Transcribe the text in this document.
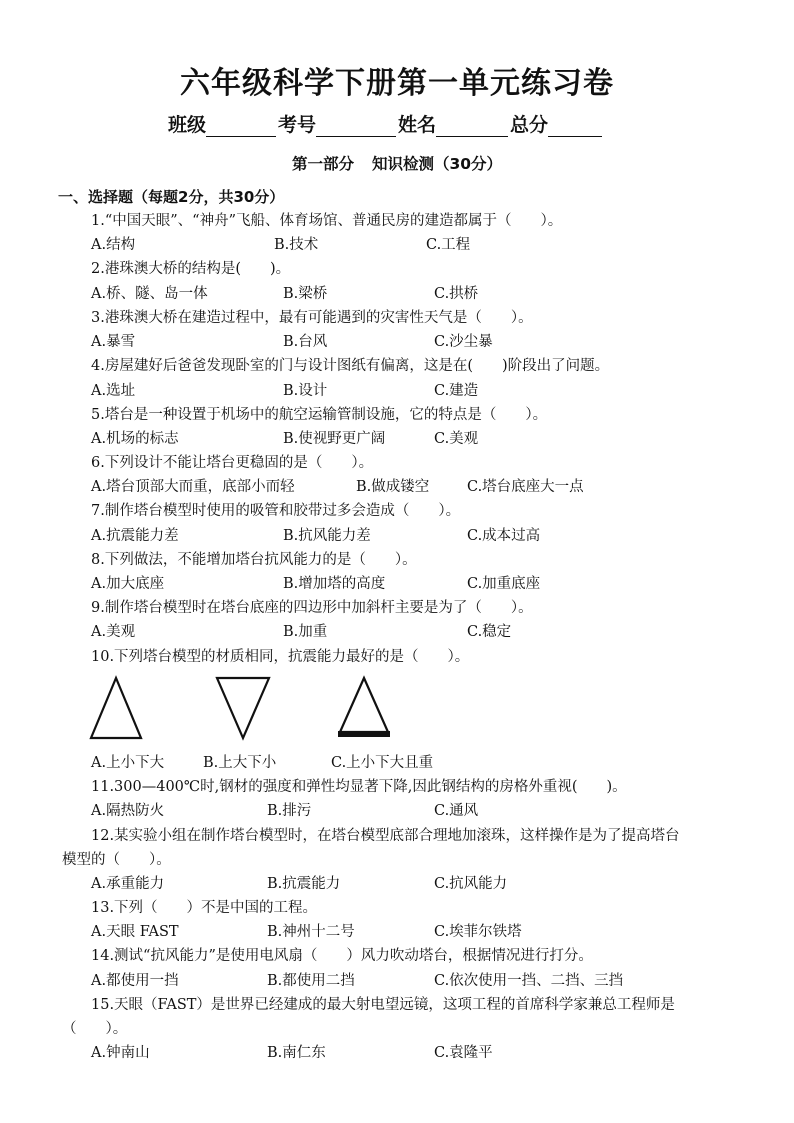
六年级科学下册第一单元练习卷
班级	考号	姓名	总分
第一部分 知识检测（30分）
一、选择题（每题2分，共30分）
1.“中国天眼”、“神舟”飞船、体育场馆、普通民房的建造都属于（　　）。
A.结构	B.技术	C.工程
2.港珠澳大桥的结构是(　　)。
A.桥、隧、岛一体	B.梁桥	C.拱桥
3.港珠澳大桥在建造过程中，最有可能遇到的灾害性天气是（　　）。
A.暴雪	B.台风	C.沙尘暴
4.房屋建好后爸爸发现卧室的门与设计图纸有偏离，这是在(　　)阶段出了问题。
A.选址	B.设计	C.建造
5.塔台是一种设置于机场中的航空运输管制设施，它的特点是（　　）。
A.机场的标志	B.使视野更广阔	C.美观
6.下列设计不能让塔台更稳固的是（　　）。
A.塔台顶部大而重，底部小而轻	B.做成镂空	C.塔台底座大一点
7.制作塔台模型时使用的吸管和胶带过多会造成（　　）。
A.抗震能力差	B.抗风能力差	C.成本过高
8.下列做法，不能增加塔台抗风能力的是（　　）。
A.加大底座	B.增加塔的高度	C.加重底座
9.制作塔台模型时在塔台底座的四边形中加斜杆主要是为了（　　）。
A.美观	B.加重	C.稳定
10.下列塔台模型的材质相同，抗震能力最好的是（　　）。
A.上小下大	B.上大下小	C.上小下大且重
11.300—400℃时,钢材的强度和弹性均显著下降,因此钢结构的房格外重视(　　)。
A.隔热防火	B.排污	C.通风
12.某实验小组在制作塔台模型时，在塔台模型底部合理地加滚珠，这样操作是为了提高塔台
模型的（　　）。
A.承重能力	B.抗震能力	C.抗风能力
13.下列（　　）不是中国的工程。
A.天眼 FAST	B.神州十二号	C.埃菲尔铁塔
14.测试“抗风能力”是使用电风扇（　　）风力吹动塔台，根据情况进行打分。
A.都使用一挡	B.都使用二挡	C.依次使用一挡、二挡、三挡
15.天眼（FAST）是世界已经建成的最大射电望远镜，这项工程的首席科学家兼总工程师是
（　　）。
A.钟南山	B.南仁东	C.袁隆平
